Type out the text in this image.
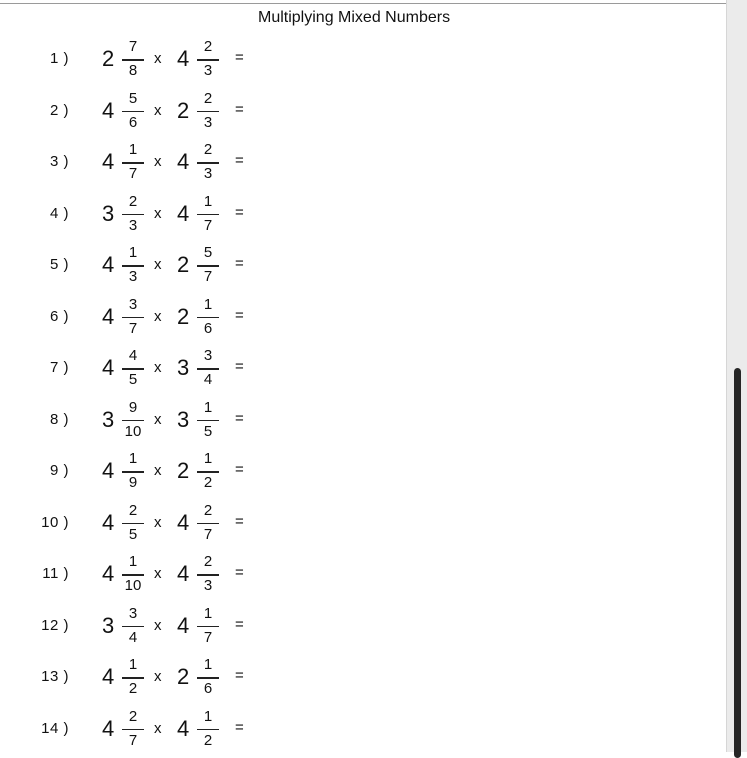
Multiplying Mixed Numbers
1 ) 2 7
8
x 4 2
3
=
2 ) 4 5
6
x 2 2
3
=
3 ) 4 1
7
x 4 2
3
=
4 ) 3 2
3
x 4 1
7
=
5 ) 4 1
3
x 2 5
7
=
6 ) 4 3
7
x 2 1
6
=
7 ) 4 4
5
x 3 3
4
=
8 ) 3 9
10
x 3 1
5
=
9 ) 4 1
9
x 2 1
2
=
10 ) 4 2
5
x 4 2
7
=
11 ) 4 1
10
x 4 2
3
=
12 ) 3 3
4
x 4 1
7
=
13 ) 4 1
2
x 2 1
6
=
14 ) 4 2
7
x 4 1
2
=
